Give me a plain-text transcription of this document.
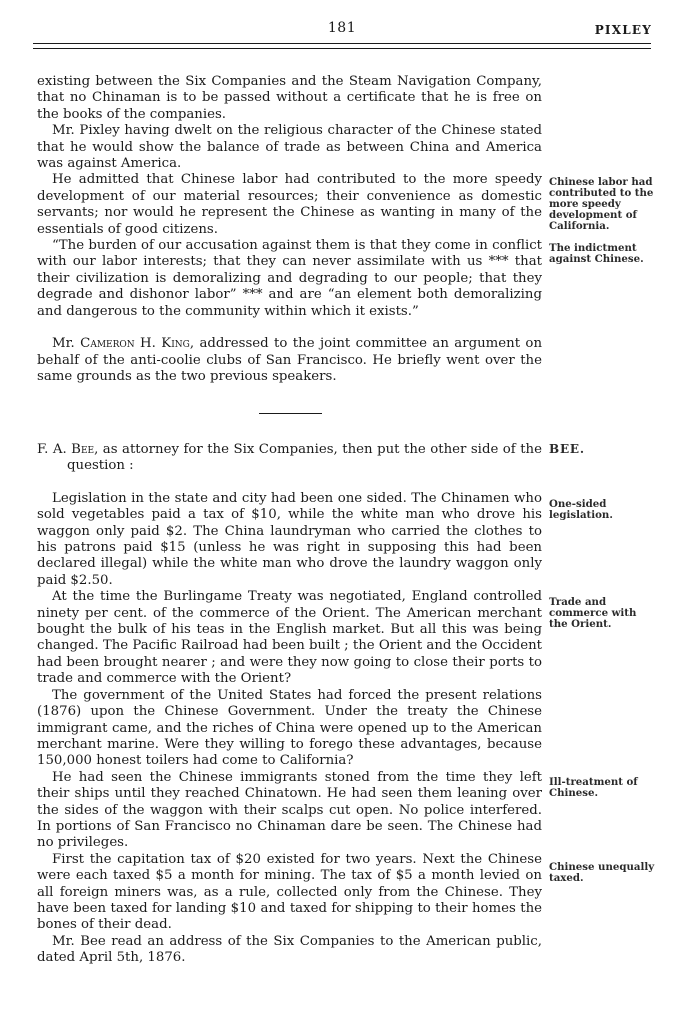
181	PIXLEY

existing between the Six Companies and the Steam Navigation Company, that no Chinaman is to be passed without a certificate that he is free on the books of the companies.

Mr. Pixley having dwelt on the religious character of the Chinese stated that he would show the balance of trade as between China and America was against America.

He admitted that Chinese labor had contributed to the more speedy development of our material resources; their convenience as domestic servants; nor would he represent the Chinese as wanting in many of the essentials of good citizens.

“The burden of our accusation against them is that they come in conflict with our labor interests; that they can never assimilate with us *** that their civilization is demoralizing and degrading to our people; that they degrade and dishonor labor” *** and are “an element both demoralizing and dangerous to the community within which it exists.”

Mr. Cameron H. King, addressed to the joint committee an argument on behalf of the anti-coolie clubs of San Francisco. He briefly went over the same grounds as the two previous speakers.

F. A. Bee, as attorney for the Six Companies, then put the other side of the question :

Legislation in the state and city had been one sided. The Chinamen who sold vegetables paid a tax of $10, while the white man who drove his waggon only paid $2. The China laundryman who carried the clothes to his patrons paid $15 (unless he was right in supposing this had been declared illegal) while the white man who drove the laundry waggon only paid $2.50.

At the time the Burlingame Treaty was negotiated, England controlled ninety per cent. of the commerce of the Orient. The American merchant bought the bulk of his teas in the English market. But all this was being changed. The Pacific Railroad had been built ; the Orient and the Occident had been brought nearer ; and were they now going to close their ports to trade and commerce with the Orient?

The government of the United States had forced the present relations (1876) upon the Chinese Government. Under the treaty the Chinese immigrant came, and the riches of China were opened up to the American merchant marine. Were they willing to forego these advantages, because 150,000 honest toilers had come to California?

He had seen the Chinese immigrants stoned from the time they left their ships until they reached Chinatown. He had seen them leaning over the sides of the waggon with their scalps cut open. No police interfered. In portions of San Francisco no Chinaman dare be seen. The Chinese had no privileges.

First the capitation tax of $20 existed for two years. Next the Chinese were each taxed $5 a month for mining. The tax of $5 a month levied on all foreign miners was, as a rule, collected only from the Chinese. They have been taxed for landing $10 and taxed for shipping to their homes the bones of their dead.

Mr. Bee read an address of the Six Companies to the American public, dated April 5th, 1876.

Chinese labor had contributed to the more speedy development of California.
The indictment against Chinese.
BEE.
One-sided legislation.
Trade and commerce with the Orient.
Ill-treatment of Chinese.
Chinese unequally taxed.
